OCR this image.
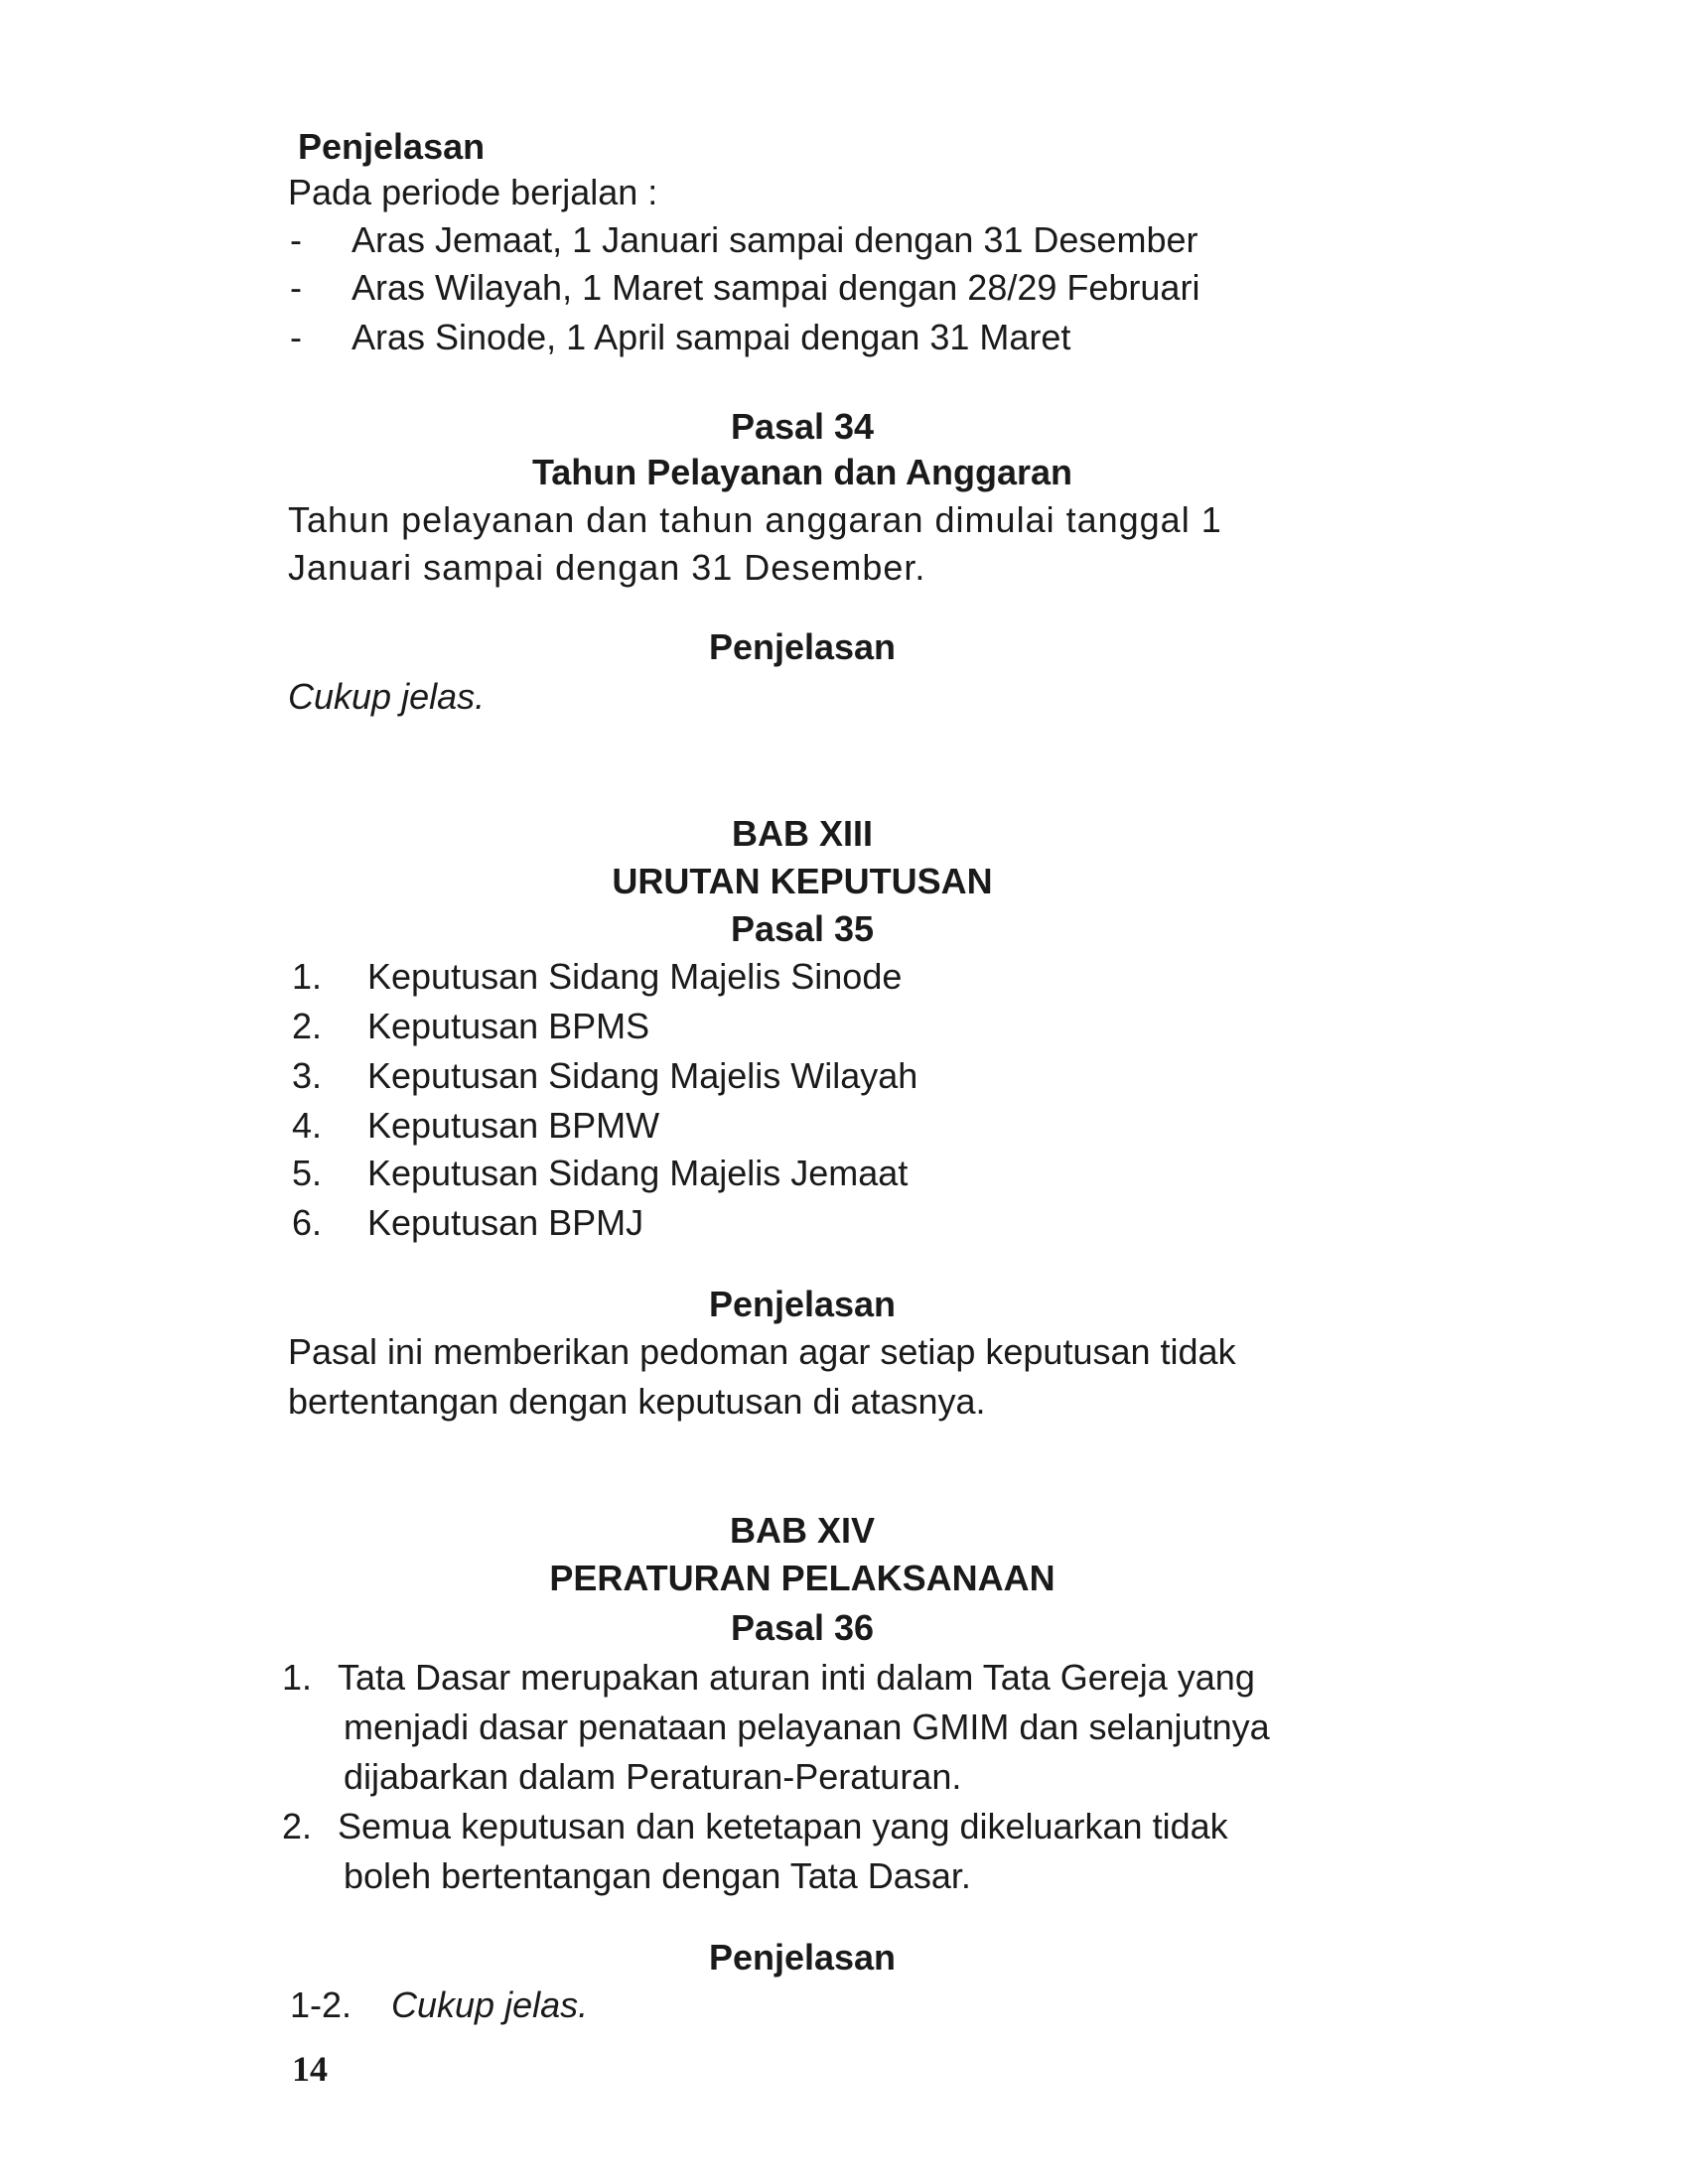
Penjelasan
Pada periode berjalan :
- Aras Jemaat, 1 Januari sampai dengan 31 Desember
- Aras Wilayah, 1 Maret sampai dengan 28/29 Februari
- Aras Sinode, 1 April sampai dengan 31 Maret
Pasal 34
Tahun Pelayanan dan Anggaran
Tahun pelayanan dan tahun anggaran dimulai tanggal 1
Januari sampai dengan 31 Desember.
Penjelasan
Cukup jelas.
BAB XIII
URUTAN KEPUTUSAN
Pasal 35
1. Keputusan Sidang Majelis Sinode
2. Keputusan BPMS
3. Keputusan Sidang Majelis Wilayah
4. Keputusan BPMW
5. Keputusan Sidang Majelis Jemaat
6. Keputusan BPMJ
Penjelasan
Pasal ini memberikan pedoman agar setiap keputusan tidak
bertentangan dengan keputusan di atasnya.
BAB XIV
PERATURAN PELAKSANAAN
Pasal 36
1. Tata Dasar merupakan aturan inti dalam Tata Gereja yang
menjadi dasar penataan pelayanan GMIM dan selanjutnya
dijabarkan dalam Peraturan-Peraturan.
2. Semua keputusan dan ketetapan yang dikeluarkan tidak
boleh bertentangan dengan Tata Dasar.
Penjelasan
1-2. Cukup jelas.
14
